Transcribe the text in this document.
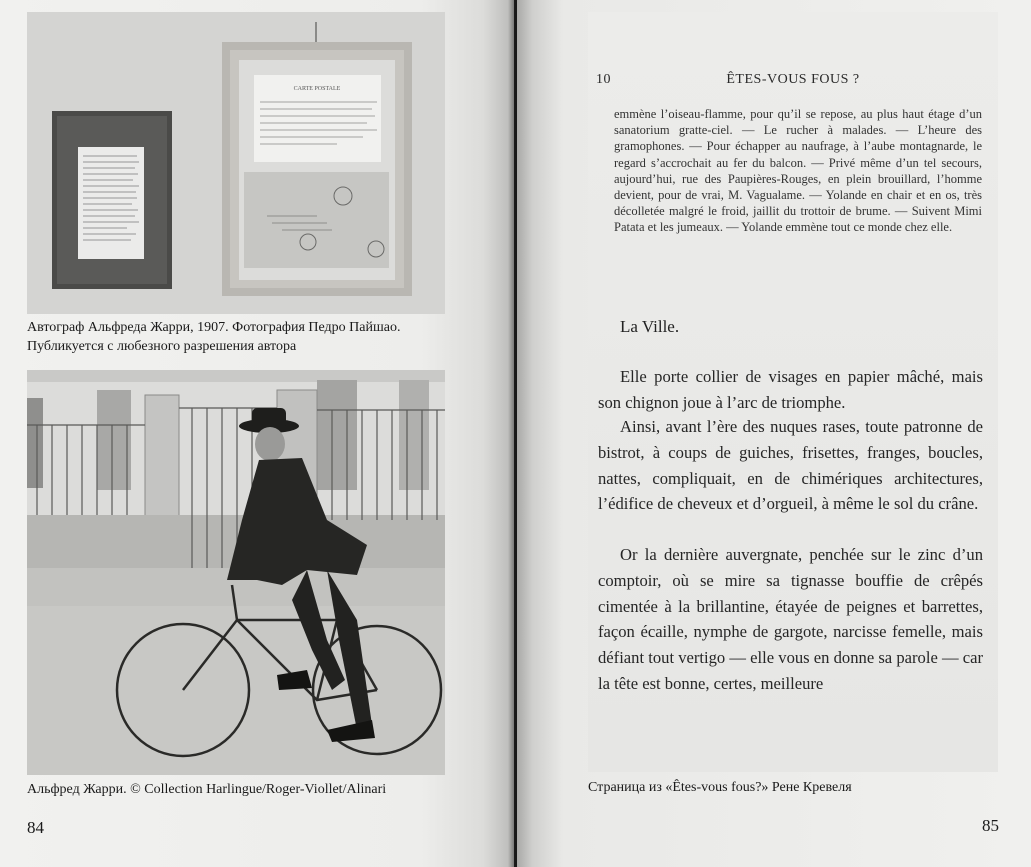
CARTE POSTALE

Автограф Альфреда Жарри, 1907. Фотография Педро Пайшао. Публикуется с любезного разрешения автора

Альфред Жарри. © Collection Harlingue/Roger-Viollet/Alinari

84
10	ÊTES-VOUS FOUS ?

emmène l’oiseau-flamme, pour qu’il se repose, au plus haut étage d’un sanatorium gratte-ciel. — Le rucher à malades. — L’heure des gramophones. — Pour échapper au naufrage, à l’aube montagnarde, le regard s’accrochait au fer du balcon. — Privé même d’un tel secours, aujourd’hui, rue des Paupières-Rouges, en plein brouillard, l’homme devient, pour de vrai, M. Vagualame. — Yolande en chair et en os, très décolletée malgré le froid, jaillit du trottoir de brume. — Suivent Mimi Patata et les jumeaux. — Yolande emmène tout ce monde chez elle.

La Ville.

Elle porte collier de visages en papier mâché, mais son chignon joue à l’arc de triomphe.

Ainsi, avant l’ère des nuques rases, toute patronne de bistrot, à coups de guiches, frisettes, franges, boucles, nattes, compliquait, en de chimériques architectures, l’édifice de cheveux et d’orgueil, à même le sol du crâne.

Or la dernière auvergnate, penchée sur le zinc d’un comptoir, où se mire sa tignasse bouffie de crêpés cimentée à la brillantine, étayée de peignes et barrettes, façon écaille, nymphe de gargote, narcisse femelle, mais défiant tout vertigo — elle vous en donne sa parole — car la tête est bonne, certes, meilleure

Страница из «Êtes-vous fous?» Рене Кревеля

85
